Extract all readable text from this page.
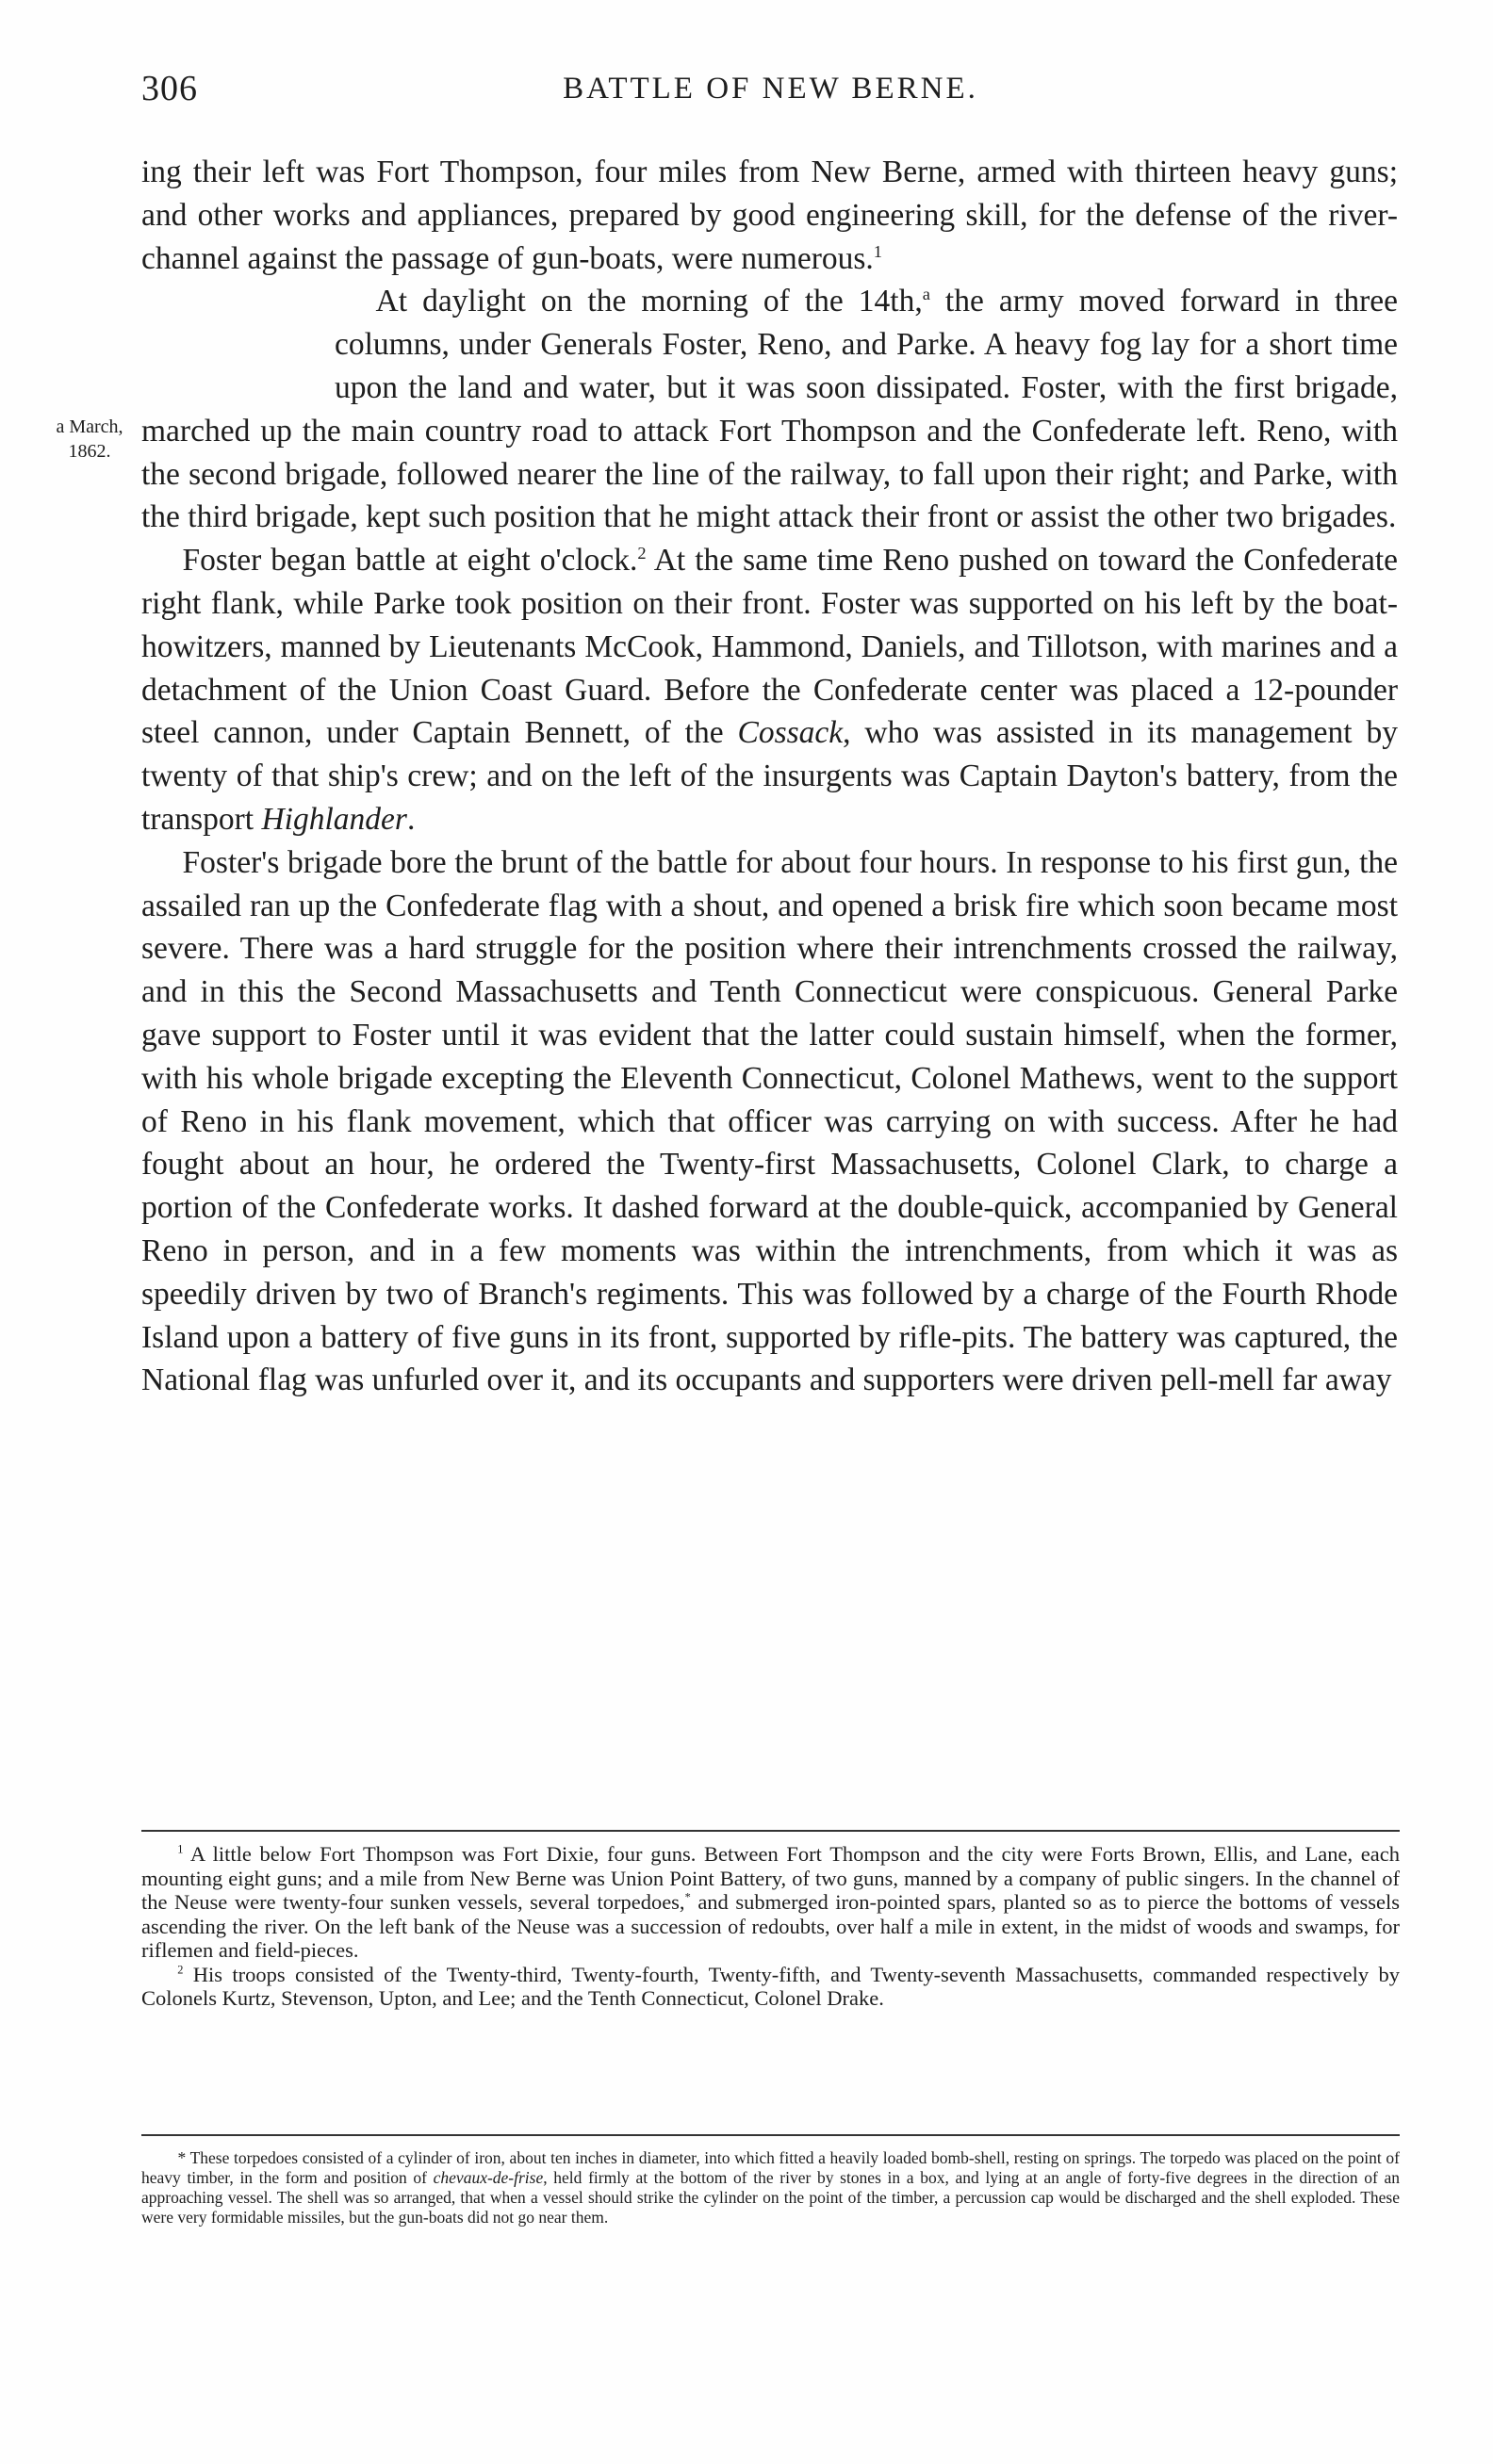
306	BATTLE OF NEW BERNE.

ing their left was Fort Thompson, four miles from New Berne, armed with thirteen heavy guns; and other works and appliances, prepared by good engineering skill, for the defense of the river-channel against the passage of gun-boats, were numerous.$^1$

At daylight on the morning of the 14th,$^a$
the army moved forward in three columns, under Generals Foster, Reno, and Parke. A heavy fog lay for a short time upon the land and water, but it was soon dissipated. Foster, with the first brigade, marched up the main country road to attack Fort Thompson and the Confederate left. Reno, with the second brigade, followed nearer the line of the railway, to fall upon their right; and Parke, with the third brigade, kept such position that he might attack their front or assist the other two brigades.

Foster began battle at eight o'clock.$^2$ At the same time Reno pushed on toward the Confederate right flank, while Parke took position on their front. Foster was supported on his left by the boat-howitzers, manned by Lieutenants McCook, Hammond, Daniels, and Tillotson, with marines and a detachment of the Union Coast Guard. Before the Confederate center was placed a 12-pounder steel cannon, under Captain Bennett, of the Cossack, who was assisted in its management by twenty of that ship's crew; and on the left of the insurgents was Captain Dayton's battery, from the transport Highlander.

Foster's brigade bore the brunt of the battle for about four hours. In response to his first gun, the assailed ran up the Confederate flag with a shout, and opened a brisk fire which soon became most severe. There was a hard struggle for the position where their intrenchments crossed the railway, and in this the Second Massachusetts and Tenth Connecticut were conspicuous. General Parke gave support to Foster until it was evident that the latter could sustain himself, when the former, with his whole brigade excepting the Eleventh Connecticut, Colonel Mathews, went to the support of Reno in his flank movement, which that officer was carrying on with success. After he had fought about an hour, he ordered the Twenty-first Massachusetts, Colonel Clark, to charge a portion of the Confederate works. It dashed forward at the double-quick, accompanied by General Reno in person, and in a few moments was within the intrenchments, from which it was as speedily driven by two of Branch's regiments. This was followed by a charge of the Fourth Rhode Island upon a battery of five guns in its front, supported by rifle-pits. The battery was captured, the National flag was unfurled over it, and its occupants and supporters were driven pell-mell far away

a March,
1862.

$^1$ A little below Fort Thompson was Fort Dixie, four guns. Between Fort Thompson and the city were Forts Brown, Ellis, and Lane, each mounting eight guns; and a mile from New Berne was Union Point Battery, of two guns, manned by a company of public singers. In the channel of the Neuse were twenty-four sunken vessels, several torpedoes,* and submerged iron-pointed spars, planted so as to pierce the bottoms of vessels ascending the river. On the left bank of the Neuse was a succession of redoubts, over half a mile in extent, in the midst of woods and swamps, for riflemen and field-pieces.

$^2$ His troops consisted of the Twenty-third, Twenty-fourth, Twenty-fifth, and Twenty-seventh Massachusetts, commanded respectively by Colonels Kurtz, Stevenson, Upton, and Lee; and the Tenth Connecticut, Colonel Drake.

* These torpedoes consisted of a cylinder of iron, about ten inches in diameter, into which fitted a heavily loaded bomb-shell, resting on springs. The torpedo was placed on the point of heavy timber, in the form and position of chevaux-de-frise, held firmly at the bottom of the river by stones in a box, and lying at an angle of forty-five degrees in the direction of an approaching vessel. The shell was so arranged, that when a vessel should strike the cylinder on the point of the timber, a percussion cap would be discharged and the shell exploded. These were very formidable missiles, but the gun-boats did not go near them.
